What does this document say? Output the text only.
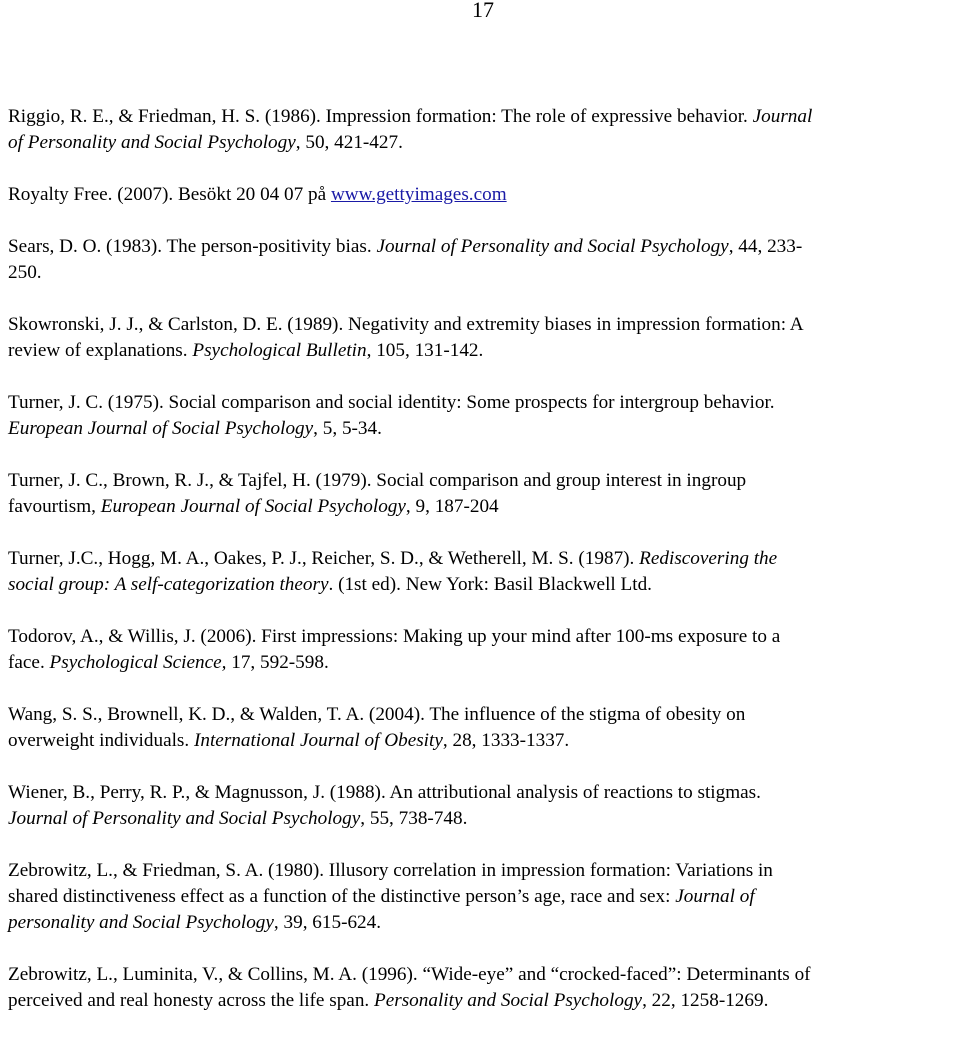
17
Riggio, R. E., & Friedman, H. S. (1986). Impression formation: The role of expressive behavior. Journal
of Personality and Social Psychology, 50, 421-427.
Royalty Free. (2007). Besökt 20 04 07 på www.gettyimages.com
Sears, D. O. (1983). The person-positivity bias. Journal of Personality and Social Psychology, 44, 233-
250.
Skowronski, J. J., & Carlston, D. E. (1989). Negativity and extremity biases in impression formation: A
review of explanations. Psychological Bulletin, 105, 131-142.
Turner, J. C. (1975). Social comparison and social identity: Some prospects for intergroup behavior.
European Journal of Social Psychology, 5, 5-34.
Turner, J. C., Brown, R. J., & Tajfel, H. (1979). Social comparison and group interest in ingroup
favourtism, European Journal of Social Psychology, 9, 187-204
Turner, J.C., Hogg, M. A., Oakes, P. J., Reicher, S. D., & Wetherell, M. S. (1987). Rediscovering the
social group: A self-categorization theory. (1st ed). New York: Basil Blackwell Ltd.
Todorov, A., & Willis, J. (2006). First impressions: Making up your mind after 100-ms exposure to a
face. Psychological Science, 17, 592-598.
Wang, S. S., Brownell, K. D., & Walden, T. A. (2004). The influence of the stigma of obesity on
overweight individuals. International Journal of Obesity, 28, 1333-1337.
Wiener, B., Perry, R. P., & Magnusson, J. (1988). An attributional analysis of reactions to stigmas.
Journal of Personality and Social Psychology, 55, 738-748.
Zebrowitz, L., & Friedman, S. A. (1980). Illusory correlation in impression formation: Variations in
shared distinctiveness effect as a function of the distinctive person’s age, race and sex: Journal of
personality and Social Psychology, 39, 615-624.
Zebrowitz, L., Luminita, V., & Collins, M. A. (1996). “Wide-eye” and “crocked-faced”: Determinants of
perceived and real honesty across the life span. Personality and Social Psychology, 22, 1258-1269.
